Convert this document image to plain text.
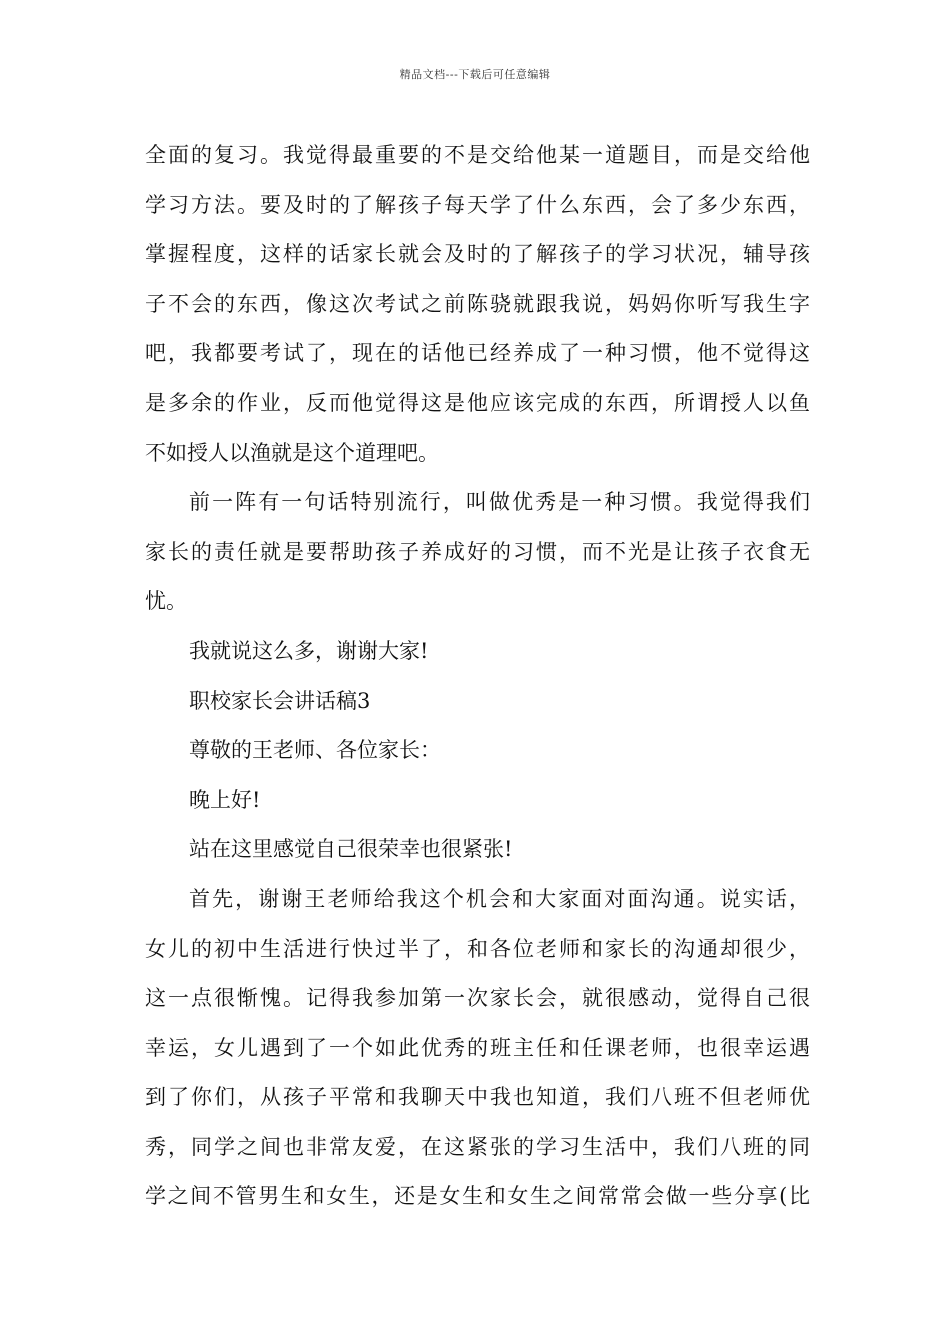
精品文档---下载后可任意编辑
全面的复习。我觉得最重要的不是交给他某一道题目，而是交给他
学习方法。要及时的了解孩子每天学了什么东西，会了多少东西，
掌握程度，这样的话家长就会及时的了解孩子的学习状况，辅导孩
子不会的东西，像这次考试之前陈骁就跟我说，妈妈你听写我生字
吧，我都要考试了，现在的话他已经养成了一种习惯，他不觉得这
是多余的作业，反而他觉得这是他应该完成的东西，所谓授人以鱼
不如授人以渔就是这个道理吧。
前一阵有一句话特别流行，叫做优秀是一种习惯。我觉得我们
家长的责任就是要帮助孩子养成好的习惯，而不光是让孩子衣食无
忧。
我就说这么多，谢谢大家!
职校家长会讲话稿3
尊敬的王老师、各位家长：
晚上好!
站在这里感觉自己很荣幸也很紧张!
首先，谢谢王老师给我这个机会和大家面对面沟通。说实话，
女儿的初中生活进行快过半了，和各位老师和家长的沟通却很少，
这一点很惭愧。记得我参加第一次家长会，就很感动，觉得自己很
幸运，女儿遇到了一个如此优秀的班主任和任课老师，也很幸运遇
到了你们，从孩子平常和我聊天中我也知道，我们八班不但老师优
秀，同学之间也非常友爱，在这紧张的学习生活中，我们八班的同
学之间不管男生和女生，还是女生和女生之间常常会做一些分享(比
